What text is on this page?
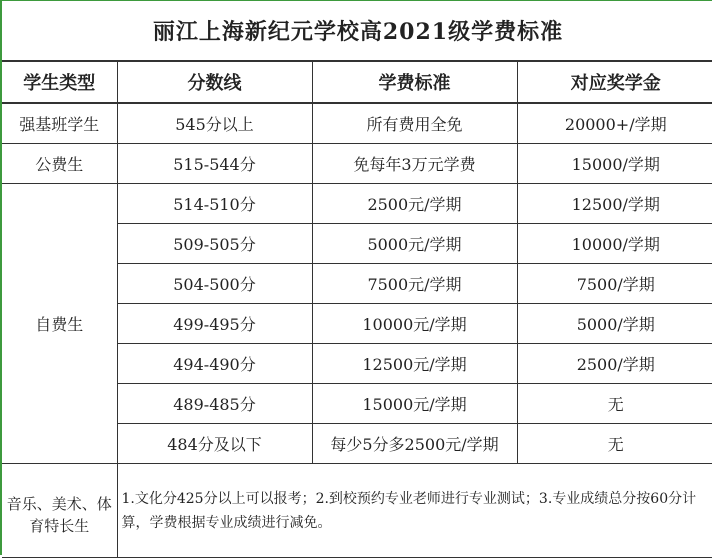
丽江上海新纪元学校高2021级学费标准
学生类型	分数线	学费标准	对应奖学金
强基班学生	545分以上	所有费用全免	20000+/学期
公费生	515-544分	免每年3万元学费	15000/学期
自费生	514-510分	2500元/学期	12500/学期
	509-505分	5000元/学期	10000/学期
	504-500分	7500元/学期	7500/学期
	499-495分	10000元/学期	5000/学期
	494-490分	12500元/学期	2500/学期
	489-485分	15000元/学期	无
	484分及以下	每少5分多2500元/学期	无
音乐、美术、体育特长生	1.文化分425分以上可以报考；2.到校预约专业老师进行专业测试；3.专业成绩总分按60分计算，学费根据专业成绩进行减免。		
